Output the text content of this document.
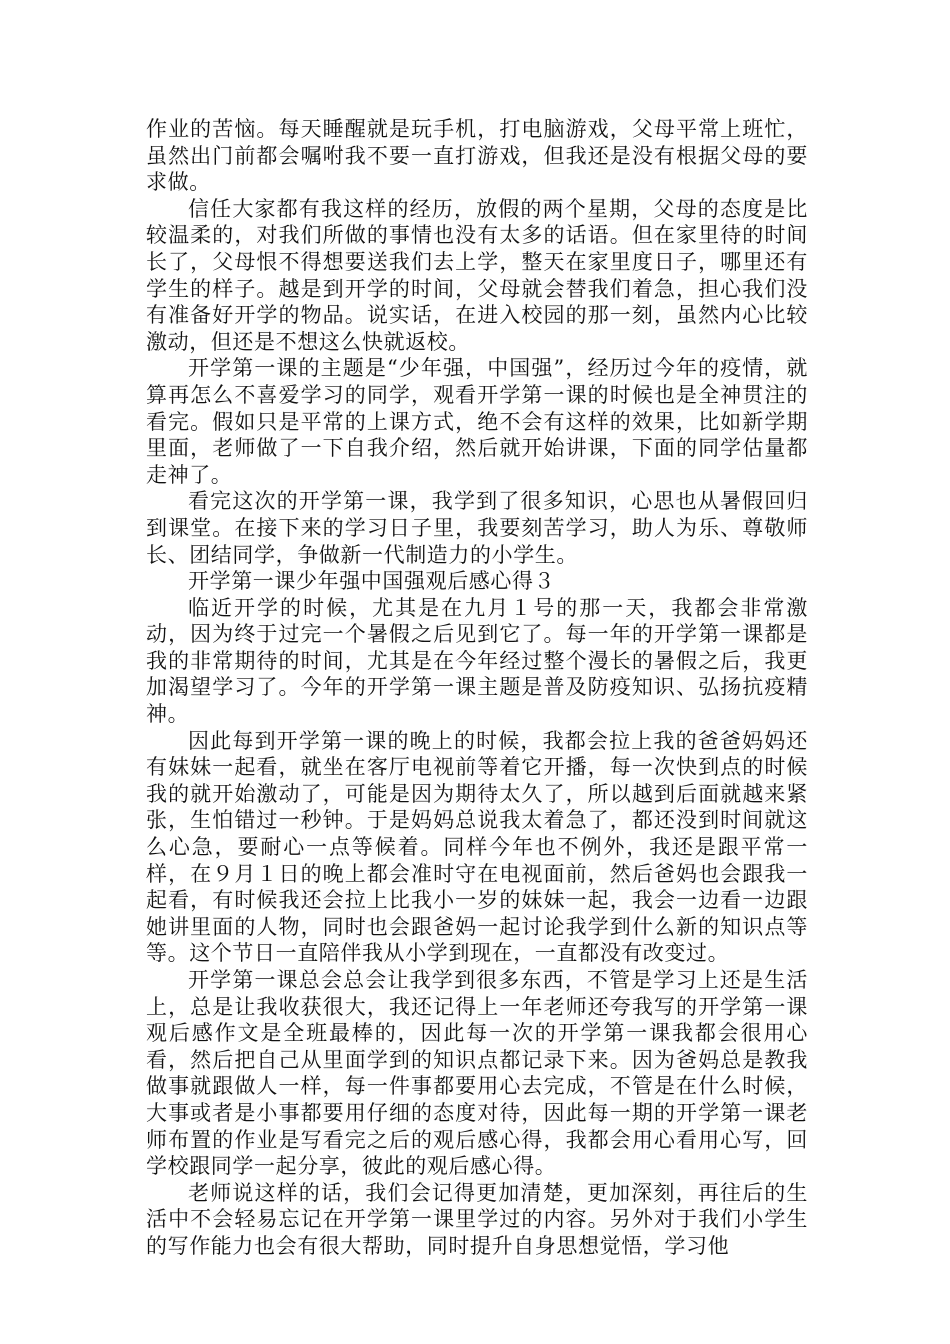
作业的苦恼。每天睡醒就是玩手机，打电脑游戏，父母平常上班忙，虽然出门前都会嘱咐我不要一直打游戏，但我还是没有根据父母的要求做。

信任大家都有我这样的经历，放假的两个星期，父母的态度是比较温柔的，对我们所做的事情也没有太多的话语。但在家里待的时间长了，父母恨不得想要送我们去上学，整天在家里度日子，哪里还有学生的样子。越是到开学的时间，父母就会替我们着急，担心我们没有准备好开学的物品。说实话，在进入校园的那一刻，虽然内心比较激动，但还是不想这么快就返校。

开学第一课的主题是“少年强，中国强”，经历过今年的疫情，就算再怎么不喜爱学习的同学，观看开学第一课的时候也是全神贯注的看完。假如只是平常的上课方式，绝不会有这样的效果，比如新学期里面，老师做了一下自我介绍，然后就开始讲课，下面的同学估量都走神了。

看完这次的开学第一课，我学到了很多知识，心思也从暑假回归到课堂。在接下来的学习日子里，我要刻苦学习，助人为乐、尊敬师长、团结同学，争做新一代制造力的小学生。

开学第一课少年强中国强观后感心得３

临近开学的时候，尤其是在九月１号的那一天，我都会非常激动，因为终于过完一个暑假之后见到它了。每一年的开学第一课都是我的非常期待的时间，尤其是在今年经过整个漫长的暑假之后，我更加渴望学习了。今年的开学第一课主题是普及防疫知识、弘扬抗疫精神。

因此每到开学第一课的晚上的时候，我都会拉上我的爸爸妈妈还有妹妹一起看，就坐在客厅电视前等着它开播，每一次快到点的时候我的就开始激动了，可能是因为期待太久了，所以越到后面就越来紧张，生怕错过一秒钟。于是妈妈总说我太着急了，都还没到时间就这么心急，要耐心一点等候着。同样今年也不例外，我还是跟平常一样，在９月１日的晚上都会准时守在电视面前，然后爸妈也会跟我一起看，有时候我还会拉上比我小一岁的妹妹一起，我会一边看一边跟她讲里面的人物，同时也会跟爸妈一起讨论我学到什么新的知识点等等。这个节日一直陪伴我从小学到现在，一直都没有改变过。

开学第一课总会总会让我学到很多东西，不管是学习上还是生活上，总是让我收获很大，我还记得上一年老师还夸我写的开学第一课观后感作文是全班最棒的，因此每一次的开学第一课我都会很用心看，然后把自己从里面学到的知识点都记录下来。因为爸妈总是教我做事就跟做人一样，每一件事都要用心去完成，不管是在什么时候，大事或者是小事都要用仔细的态度对待，因此每一期的开学第一课老师布置的作业是写看完之后的观后感心得，我都会用心看用心写，回学校跟同学一起分享，彼此的观后感心得。

老师说这样的话，我们会记得更加清楚，更加深刻，再往后的生活中不会轻易忘记在开学第一课里学过的内容。另外对于我们小学生的写作能力也会有很大帮助，同时提升自身思想觉悟，学习他
